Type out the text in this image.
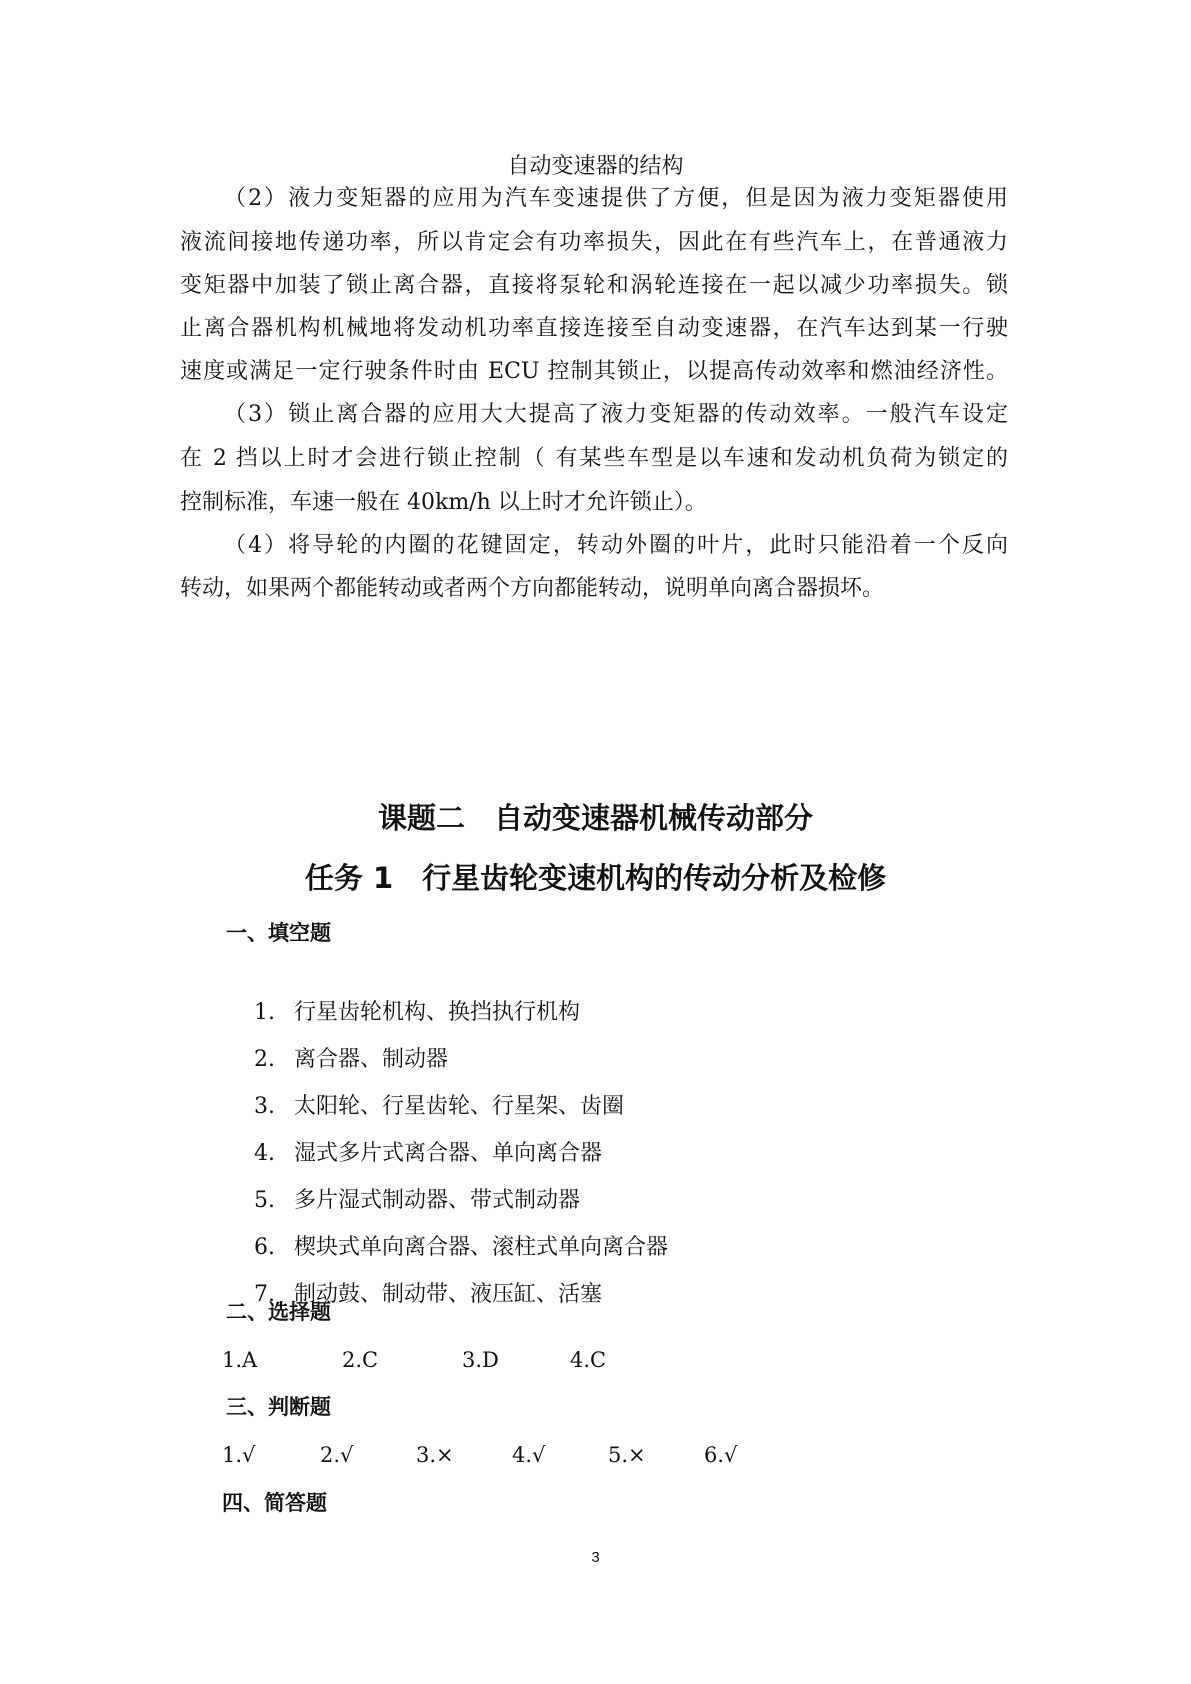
自动变速器的结构
（2）液力变矩器的应用为汽车变速提供了方便，但是因为液力变矩器使用
液流间接地传递功率，所以肯定会有功率损失，因此在有些汽车上，在普通液力
变矩器中加装了锁止离合器，直接将泵轮和涡轮连接在一起以减少功率损失。锁
止离合器机构机械地将发动机功率直接连接至自动变速器，在汽车达到某一行驶
速度或满足一定行驶条件时由 ECU 控制其锁止，以提高传动效率和燃油经济性。
（3）锁止离合器的应用大大提高了液力变矩器的传动效率。一般汽车设定
在 2 挡以上时才会进行锁止控制（ 有某些车型是以车速和发动机负荷为锁定的
控制标准，车速一般在 40km/h 以上时才允许锁止）。
（4）将导轮的内圈的花键固定，转动外圈的叶片，此时只能沿着一个反向
转动，如果两个都能转动或者两个方向都能转动，说明单向离合器损坏。
课题二　自动变速器机械传动部分
任务 1　行星齿轮变速机构的传动分析及检修
一、填空题

1. 行星齿轮机构、换挡执行机构

2. 离合器、制动器

3. 太阳轮、行星齿轮、行星架、齿圈

4. 湿式多片式离合器、单向离合器

5. 多片湿式制动器、带式制动器

6. 楔块式单向离合器、滚柱式单向离合器

7. 制动鼓、制动带、液压缸、活塞

二、选择题
1.A	2.C	3.D	4.C
三、判断题
1.√	2.√	3.×	4.√	5.×	6.√
四、简答题
3
